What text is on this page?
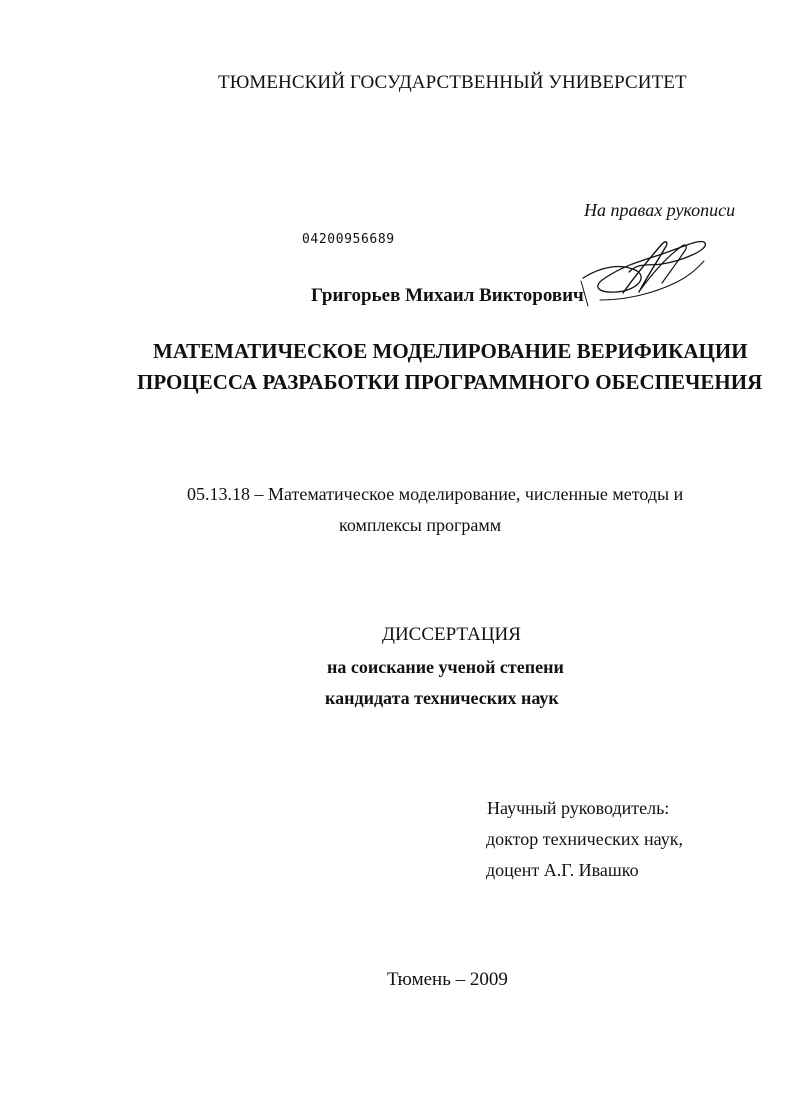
ТЮМЕНСКИЙ ГОСУДАРСТВЕННЫЙ УНИВЕРСИТЕТ
На правах рукописи
04200956689
Григорьев Михаил Викторович
МАТЕМАТИЧЕСКОЕ МОДЕЛИРОВАНИЕ ВЕРИФИКАЦИИ
ПРОЦЕССА РАЗРАБОТКИ ПРОГРАММНОГО ОБЕСПЕЧЕНИЯ
05.13.18 – Математическое моделирование, численные методы и
комплексы программ
ДИССЕРТАЦИЯ
на соискание ученой степени
кандидата технических наук
Научный руководитель:
доктор технических наук,
доцент А.Г. Ивашко
Тюмень – 2009
